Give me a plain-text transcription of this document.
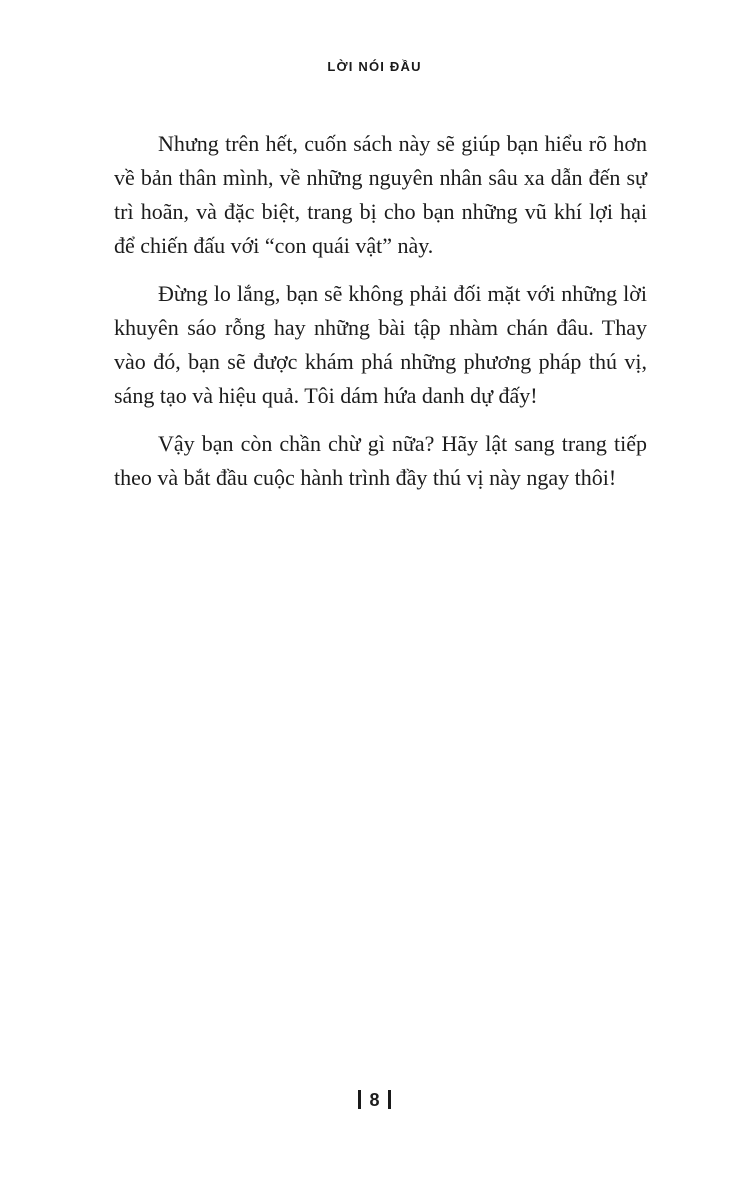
LỜI NÓI ĐẦU

Nhưng trên hết, cuốn sách này sẽ giúp bạn hiểu rõ hơn về bản thân mình, về những nguyên nhân sâu xa dẫn đến sự trì hoãn, và đặc biệt, trang bị cho bạn những vũ khí lợi hại để chiến đấu với “con quái vật” này.

Đừng lo lắng, bạn sẽ không phải đối mặt với những lời khuyên sáo rỗng hay những bài tập nhàm chán đâu. Thay vào đó, bạn sẽ được khám phá những phương pháp thú vị, sáng tạo và hiệu quả. Tôi dám hứa danh dự đấy!

Vậy bạn còn chần chừ gì nữa? Hãy lật sang trang tiếp theo và bắt đầu cuộc hành trình đầy thú vị này ngay thôi!

8
